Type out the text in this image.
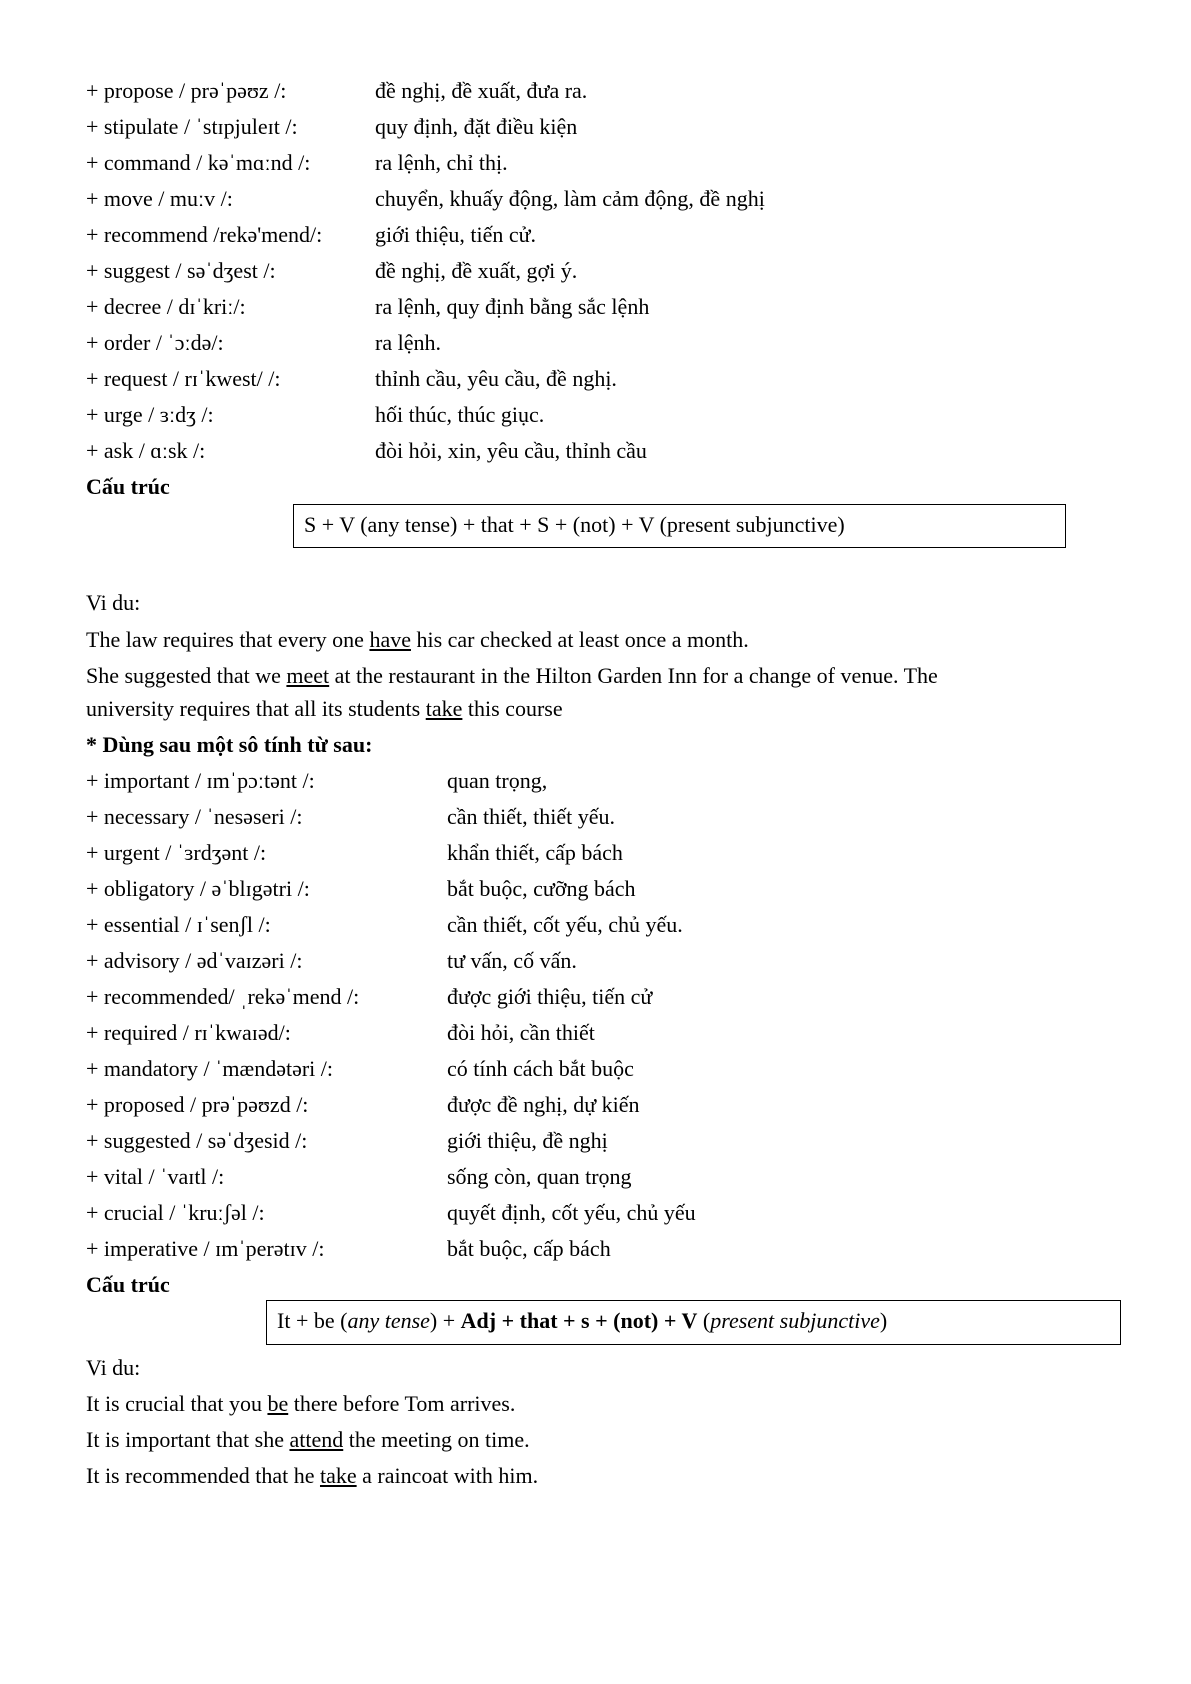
+ propose / prəˈpəʊz /:	đề nghị, đề xuất, đưa ra.
+ stipulate / ˈstɪpjuleɪt /:	quy định, đặt điều kiện
+ command / kəˈmɑːnd /:	ra lệnh, chỉ thị.
+ move / muːv /:	chuyển, khuấy động, làm cảm động, đề nghị
+ recommend /rekə'mend/: giới thiệu, tiến cử.
+ suggest / səˈdʒest /:	đề nghị, đề xuất, gợi ý.
+ decree / dɪˈkriː/:	ra lệnh, quy định bằng sắc lệnh
+ order / ˈɔːdə/:	ra lệnh.
+ request / rɪˈkwest/ /:	thỉnh cầu, yêu cầu, đề nghị.
+ urge / ɜːdʒ /:	hối thúc, thúc giục.
+ ask / ɑːsk /:	đòi hỏi, xin, yêu cầu, thỉnh cầu
Cấu trúc
S + V (any tense) + that + S + (not) + V (present subjunctive)
Vi du:
The law requires that every one have his car checked at least once a month.
She suggested that we meet at the restaurant in the Hilton Garden Inn for a change of venue. The
university requires that all its students take this course
* Dùng sau một sô tính từ sau:
+ important / ɪmˈpɔːtənt /:	quan trọng,
+ necessary / ˈnesəseri /:	cần thiết, thiết yếu.
+ urgent / ˈɜrdʒənt /:	khẩn thiết, cấp bách
+ obligatory / əˈblɪgətri /:	bắt buộc, cưỡng bách
+ essential / ɪˈsenʃl /:	cần thiết, cốt yếu, chủ yếu.
+ advisory / ədˈvaɪzəri /:	tư vấn, cố vấn.
+ recommended/ ˌrekəˈmend /:	được giới thiệu, tiến cử
+ required / rɪˈkwaɪəd/:	đòi hỏi, cần thiết
+ mandatory / ˈmændətəri /:	có tính cách bắt buộc
+ proposed / prəˈpəʊzd /:	được đề nghị, dự kiến
+ suggested / səˈdʒesid /:	giới thiệu, đề nghị
+ vital / ˈvaɪtl /:	sống còn, quan trọng
+ crucial / ˈkruːʃəl /:	quyết định, cốt yếu, chủ yếu
+ imperative / ɪmˈperətɪv /:	bắt buộc, cấp bách
Cấu trúc
It + be (any tense) + Adj + that + s + (not) + V (present subjunctive)
Vi du:
It is crucial that you be there before Tom arrives.
It is important that she attend the meeting on time.
It is recommended that he take a raincoat with him.
